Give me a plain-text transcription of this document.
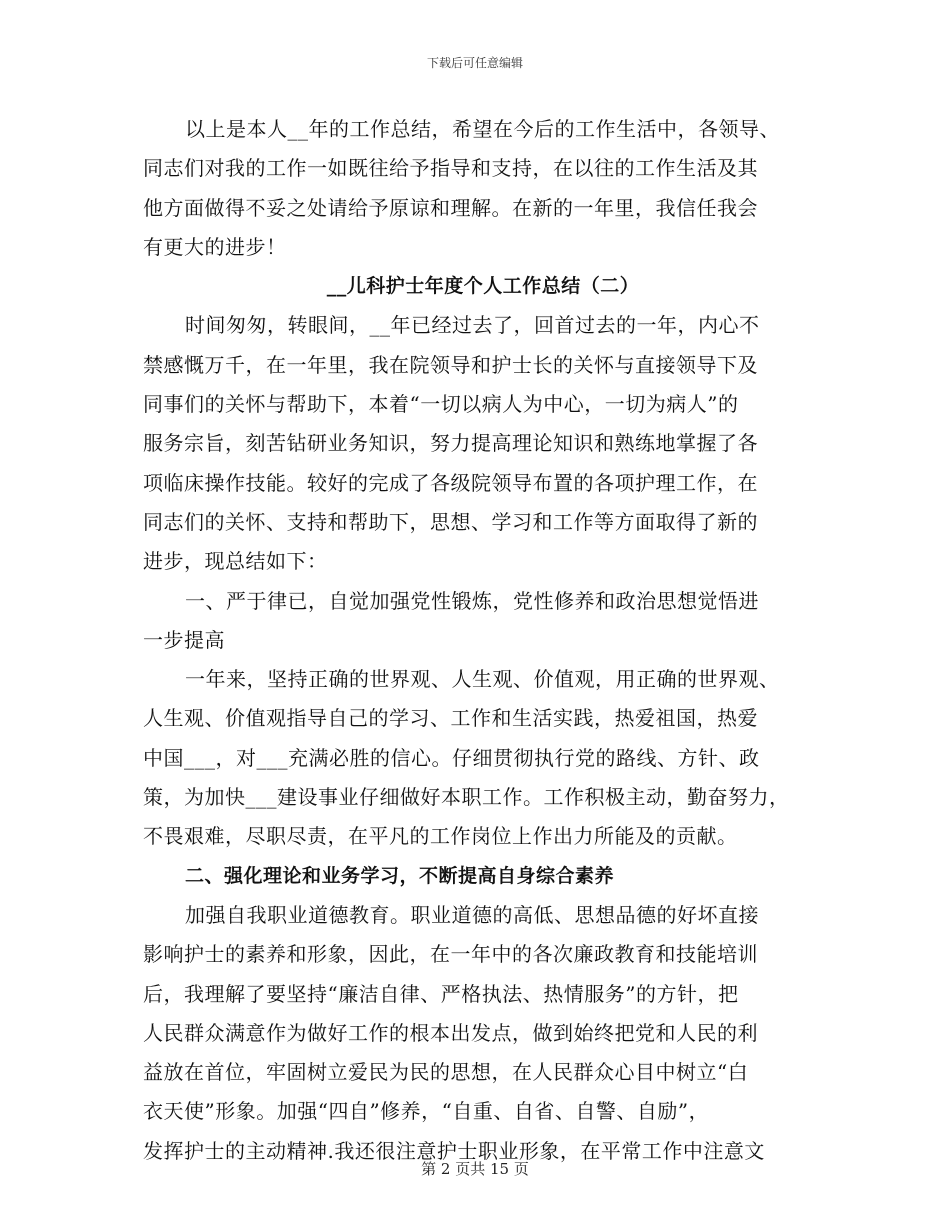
下载后可任意编辑
以上是本人__年的工作总结，希望在今后的工作生活中，各领导、
同志们对我的工作一如既往给予指导和支持，在以往的工作生活及其
他方面做得不妥之处请给予原谅和理解。在新的一年里，我信任我会
有更大的进步！
__儿科护士年度个人工作总结（二）
时间匆匆，转眼间，__年已经过去了，回首过去的一年，内心不
禁感慨万千，在一年里，我在院领导和护士长的关怀与直接领导下及
同事们的关怀与帮助下，本着“一切以病人为中心，一切为病人”的
服务宗旨，刻苦钻研业务知识，努力提高理论知识和熟练地掌握了各
项临床操作技能。较好的完成了各级院领导布置的各项护理工作，在
同志们的关怀、支持和帮助下，思想、学习和工作等方面取得了新的
进步，现总结如下：
一、严于律已，自觉加强党性锻炼，党性修养和政治思想觉悟进
一步提高
一年来，坚持正确的世界观、人生观、价值观，用正确的世界观、
人生观、价值观指导自己的学习、工作和生活实践，热爱祖国，热爱
中国___，对___充满必胜的信心。仔细贯彻执行党的路线、方针、政
策，为加快___建设事业仔细做好本职工作。工作积极主动，勤奋努力，
不畏艰难，尽职尽责，在平凡的工作岗位上作出力所能及的贡献。
二、强化理论和业务学习，不断提高自身综合素养
加强自我职业道德教育。职业道德的高低、思想品德的好坏直接
影响护士的素养和形象，因此，在一年中的各次廉政教育和技能培训
后，我理解了要坚持“廉洁自律、严格执法、热情服务”的方针，把
人民群众满意作为做好工作的根本出发点，做到始终把党和人民的利
益放在首位，牢固树立爱民为民的思想，在人民群众心目中树立“白
衣天使”形象。加强“四自”修养，“自重、自省、自警、自励”，
发挥护士的主动精神.我还很注意护士职业形象，在平常工作中注意文
第 2 页共 15 页
